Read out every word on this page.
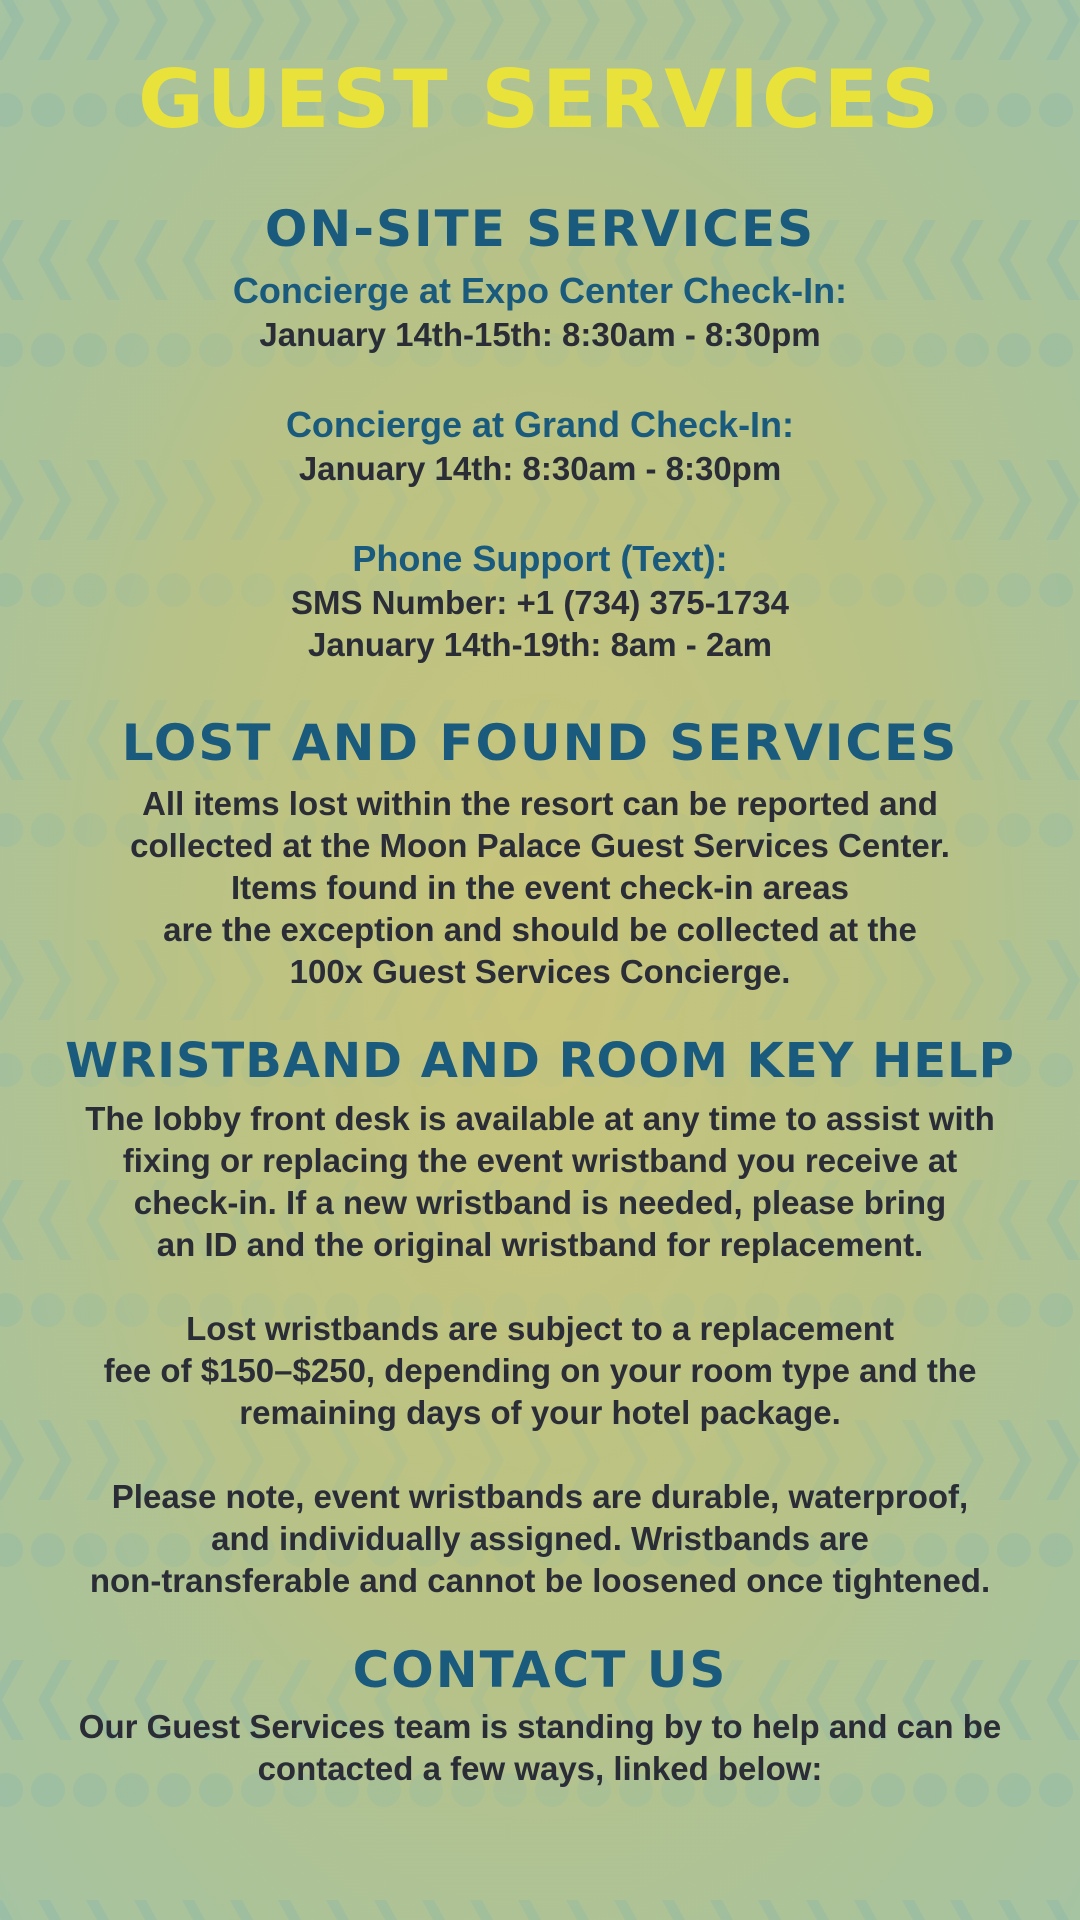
GUEST SERVICES
ON-SITE SERVICES

Concierge at Expo Center Check-In:

January 14th-15th: 8:30am - 8:30pm

Concierge at Grand Check-In:

January 14th: 8:30am - 8:30pm

Phone Support (Text):

SMS Number: +1 (734) 375-1734

January 14th-19th: 8am - 2am

LOST AND FOUND SERVICES

All items lost within the resort can be reported and

collected at the Moon Palace Guest Services Center.

Items found in the event check-in areas

are the exception and should be collected at the

100x Guest Services Concierge.

WRISTBAND AND ROOM KEY HELP

The lobby front desk is available at any time to assist with

fixing or replacing the event wristband you receive at

check-in. If a new wristband is needed, please bring

an ID and the original wristband for replacement.

Lost wristbands are subject to a replacement

fee of $150–$250, depending on your room type and the

remaining days of your hotel package.

Please note, event wristbands are durable, waterproof,

and individually assigned. Wristbands are

non-transferable and cannot be loosened once tightened.

CONTACT US

Our Guest Services team is standing by to help and can be

contacted a few ways, linked below:
